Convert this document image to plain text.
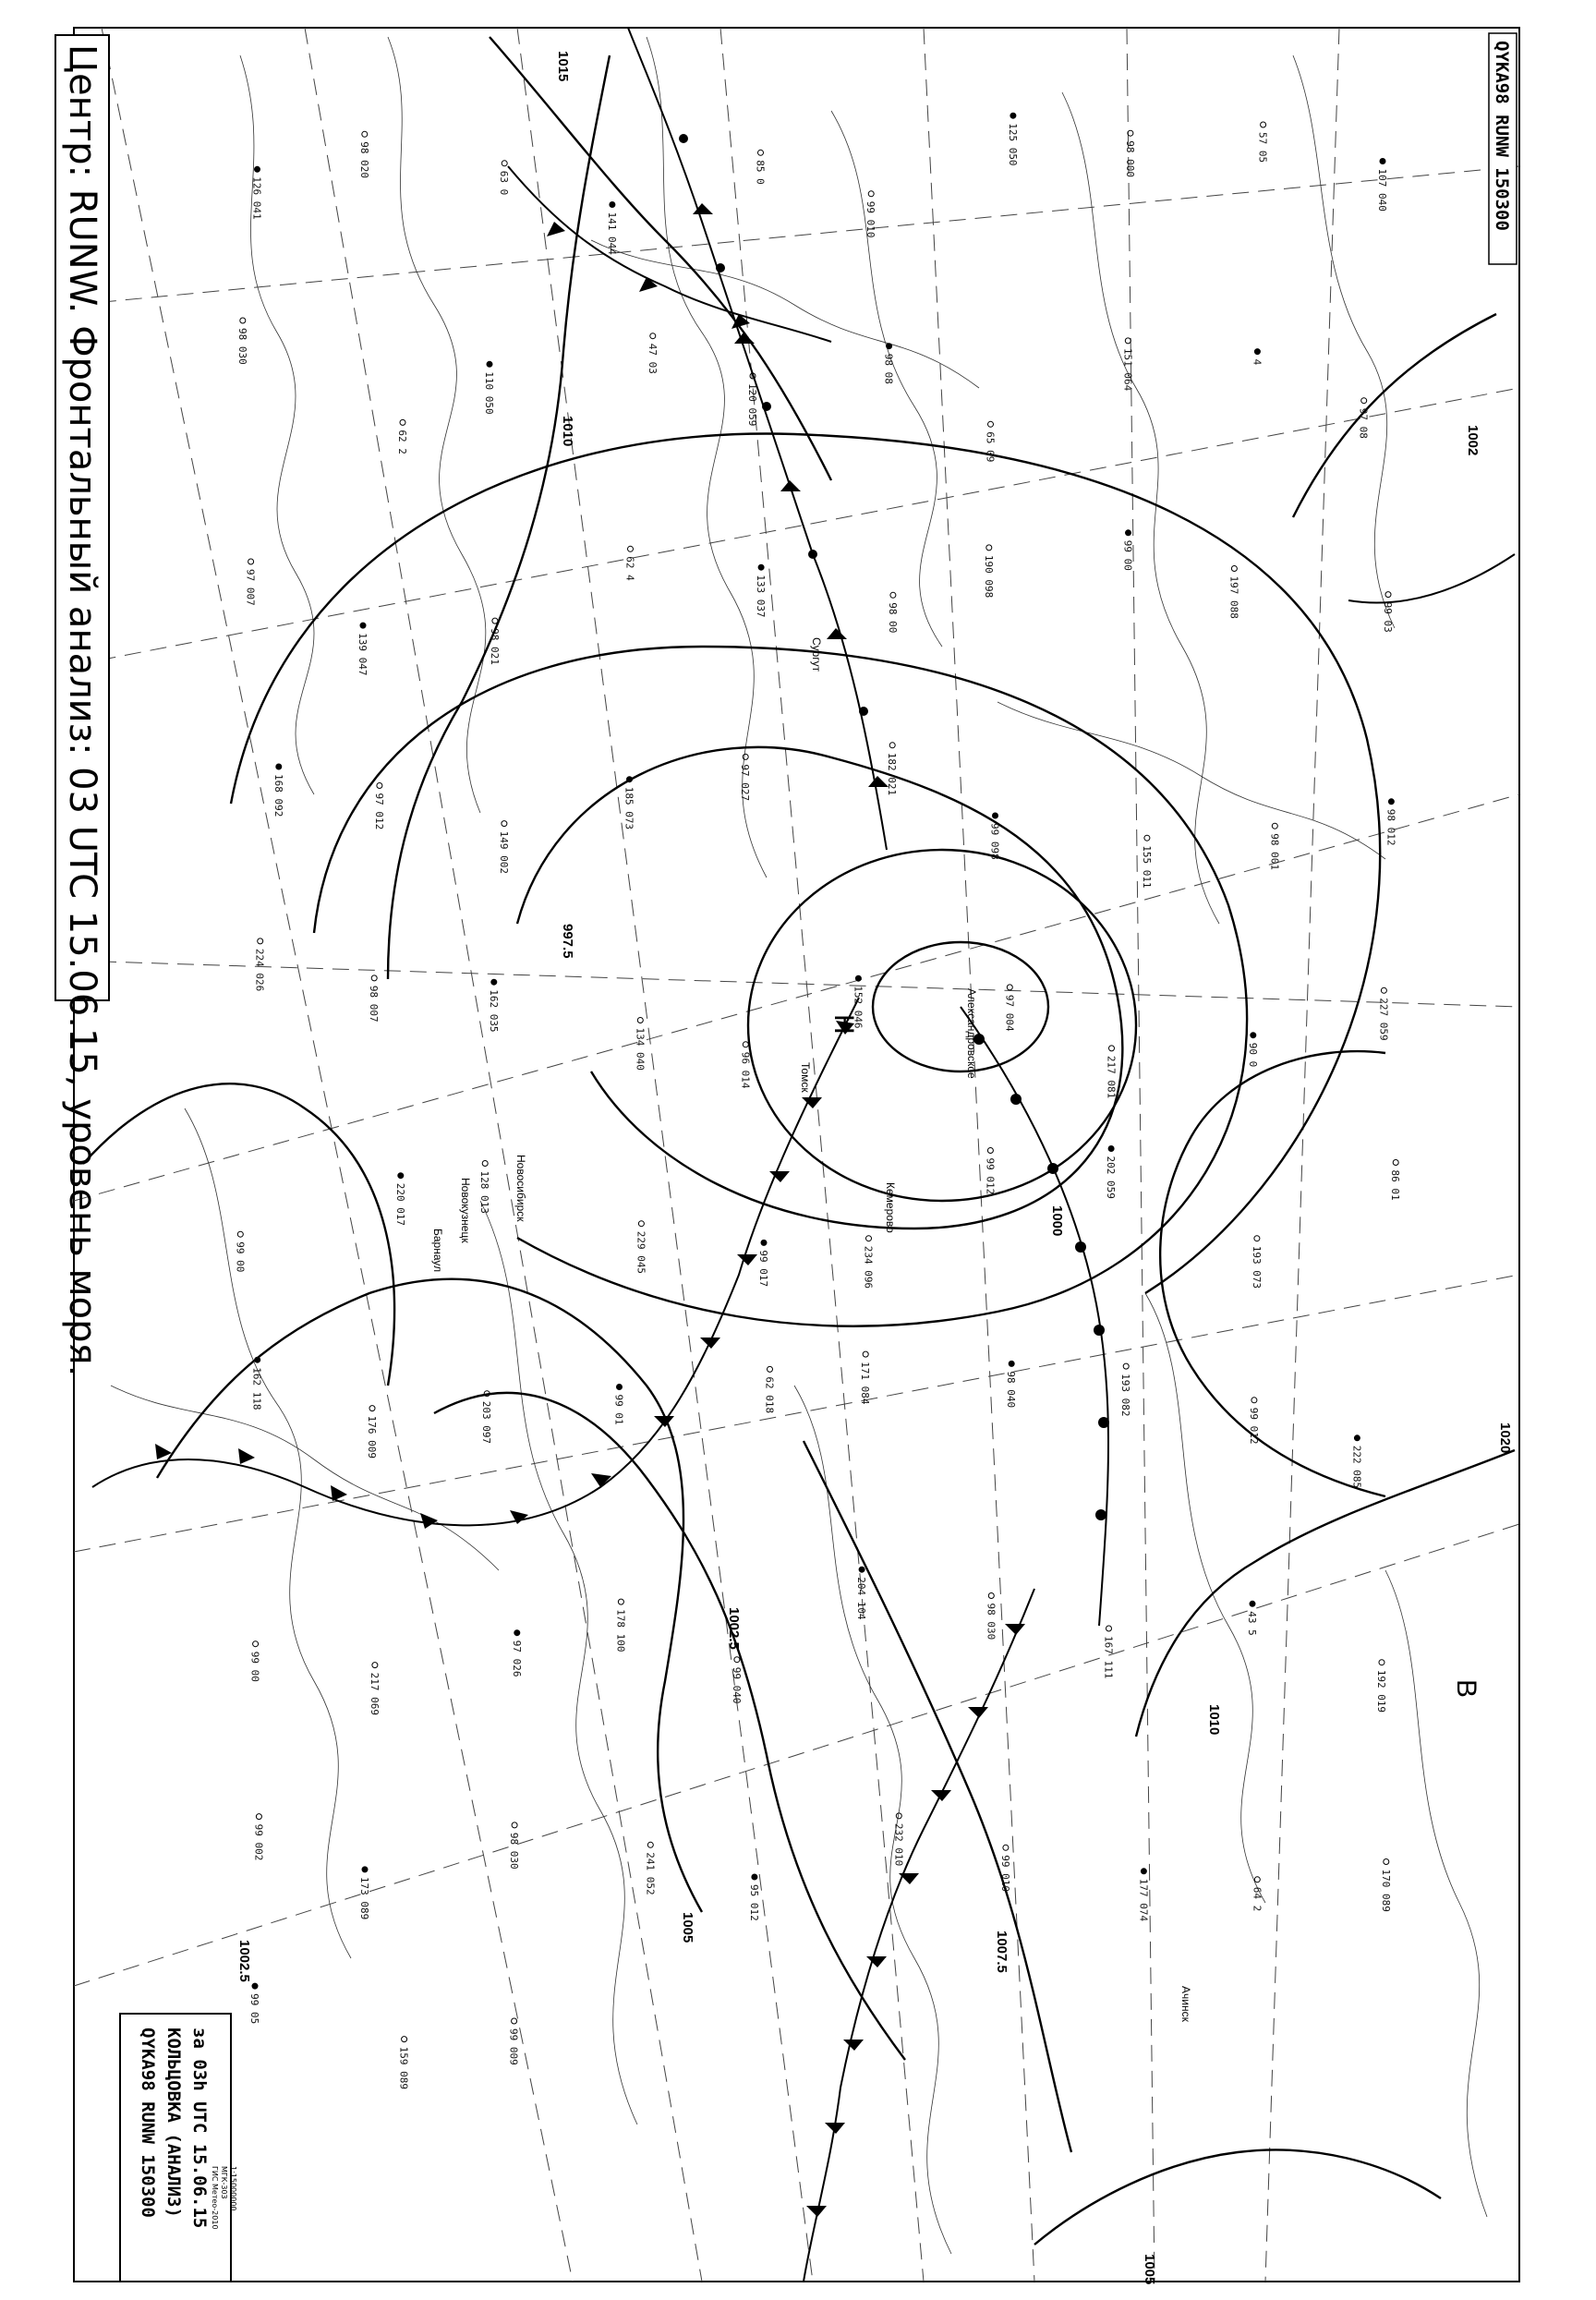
Центр: RUNW. Фронтальный анализ: 03 UTC 15.06.15, уровень моря.	QYKA98 RUNW 150300
QYKA98 RUNW 150300 КОЛЬЦОВКА (АНАЛИЗ) за 03h UTC 15.06.15 ГИС Метео-2010 МГК-303 1:15000000
Н
В
1015
1010	1002
1000
997.5
1002.5
1005
1007.5
1010
1005
1002.5
1020
Александровское
Новокузнецк
Барнаул
Томск
Новосибирск	Кемерово
Ачинск
Сургут
126 041
98 020
63 0
141 044
85 0
99 010
125 050	98 000	57 05
107 040
98 030
62 2
110 050
47 03
120 059
98 08
65 09
151 064	4
97 08
97 007
139 047	98 021
62 4
133 037
98 00
190 098	99 00
197 088	99 03
168 092	97 012
149 002
185 073
97 027	182 021
99 098
155 011	98 001
98 012
224 026
98 007	162 035
134 040	96 014
152 046	97 004
217 081
90 0
227 059
99 00
220 017	128 013
229 045	99 017	234 096
99 012	202 059
193 073
86 01
162 118
176 009	203 097	99 01	62 018	171 084	98 040	193 082
99 012
222 085
99 00
217 069
97 026
178 100
99 040
204 104
98 030
167 111
43 5
192 019
99 002
173 089
98 030
241 052
95 012
232 010
99 010
177 074	64 2	170 089
99 05
159 089	99 009
